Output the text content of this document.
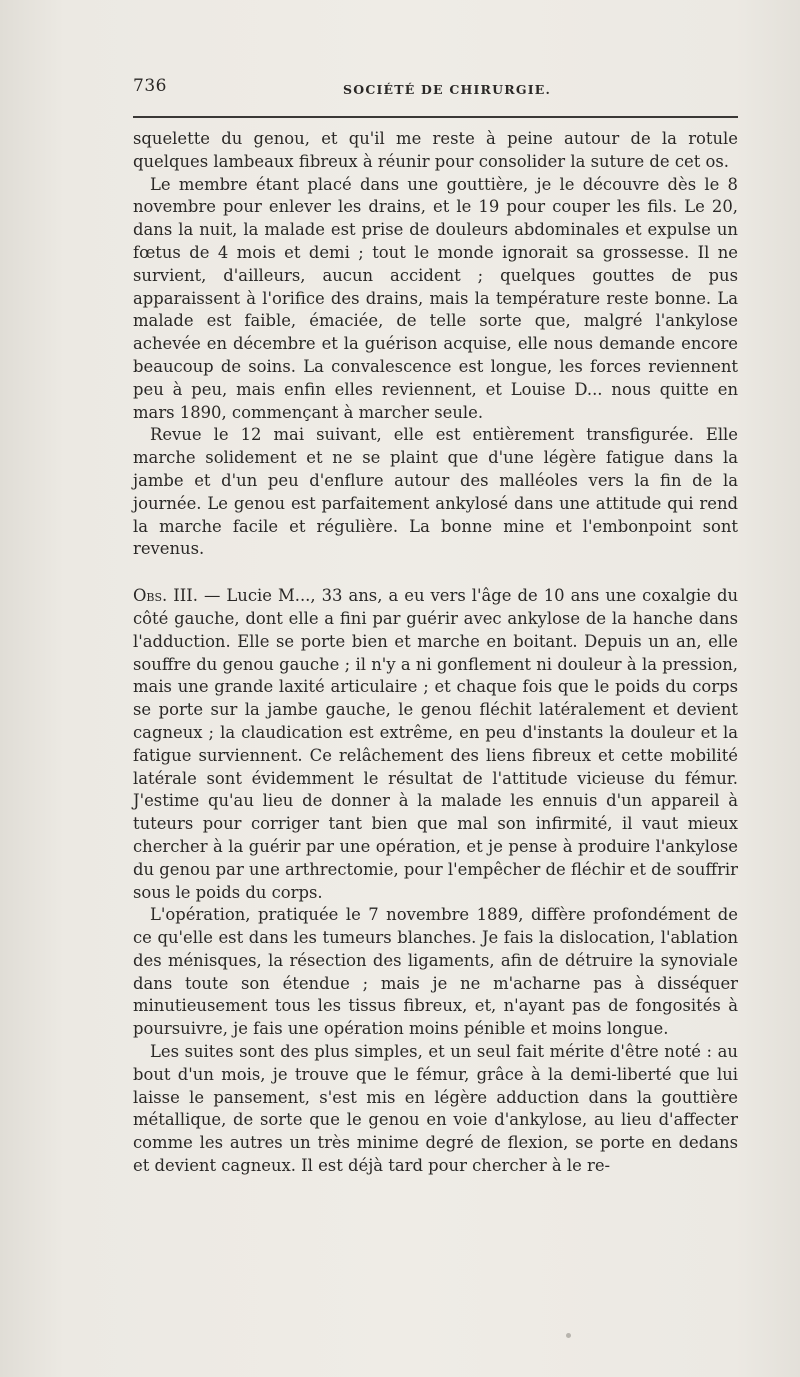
736	SOCIÉTÉ DE CHIRURGIE.

squelette du genou, et qu'il me reste à peine autour de la rotule quelques lambeaux fibreux à réunir pour consolider la suture de cet os.

Le membre étant placé dans une gouttière, je le découvre dès le 8 novembre pour enlever les drains, et le 19 pour couper les fils. Le 20, dans la nuit, la malade est prise de douleurs abdominales et expulse un fœtus de 4 mois et demi ; tout le monde ignorait sa grossesse. Il ne survient, d'ailleurs, aucun accident ; quelques gouttes de pus apparaissent à l'orifice des drains, mais la température reste bonne. La malade est faible, émaciée, de telle sorte que, malgré l'ankylose achevée en décembre et la guérison acquise, elle nous demande encore beaucoup de soins. La convalescence est longue, les forces reviennent peu à peu, mais enfin elles reviennent, et Louise D... nous quitte en mars 1890, commençant à marcher seule.

Revue le 12 mai suivant, elle est entièrement transfigurée. Elle marche solidement et ne se plaint que d'une légère fatigue dans la jambe et d'un peu d'enflure autour des malléoles vers la fin de la journée. Le genou est parfaitement ankylosé dans une attitude qui rend la marche facile et régulière. La bonne mine et l'embonpoint sont revenus.

Obs. III. — Lucie M..., 33 ans, a eu vers l'âge de 10 ans une coxalgie du côté gauche, dont elle a fini par guérir avec ankylose de la hanche dans l'adduction. Elle se porte bien et marche en boitant. Depuis un an, elle souffre du genou gauche ; il n'y a ni gonflement ni douleur à la pression, mais une grande laxité articulaire ; et chaque fois que le poids du corps se porte sur la jambe gauche, le genou fléchit latéralement et devient cagneux ; la claudication est extrême, en peu d'instants la douleur et la fatigue surviennent. Ce relâchement des liens fibreux et cette mobilité latérale sont évidemment le résultat de l'attitude vicieuse du fémur. J'estime qu'au lieu de donner à la malade les ennuis d'un appareil à tuteurs pour corriger tant bien que mal son infirmité, il vaut mieux chercher à la guérir par une opération, et je pense à produire l'ankylose du genou par une arthrectomie, pour l'empêcher de fléchir et de souffrir sous le poids du corps.

L'opération, pratiquée le 7 novembre 1889, diffère profondément de ce qu'elle est dans les tumeurs blanches. Je fais la dislocation, l'ablation des ménisques, la résection des ligaments, afin de détruire la synoviale dans toute son étendue ; mais je ne m'acharne pas à disséquer minutieusement tous les tissus fibreux, et, n'ayant pas de fongosités à poursuivre, je fais une opération moins pénible et moins longue.

Les suites sont des plus simples, et un seul fait mérite d'être noté : au bout d'un mois, je trouve que le fémur, grâce à la demi-liberté que lui laisse le pansement, s'est mis en légère adduction dans la gouttière métallique, de sorte que le genou en voie d'ankylose, au lieu d'affecter comme les autres un très minime degré de flexion, se porte en dedans et devient cagneux. Il est déjà tard pour chercher à le re-
